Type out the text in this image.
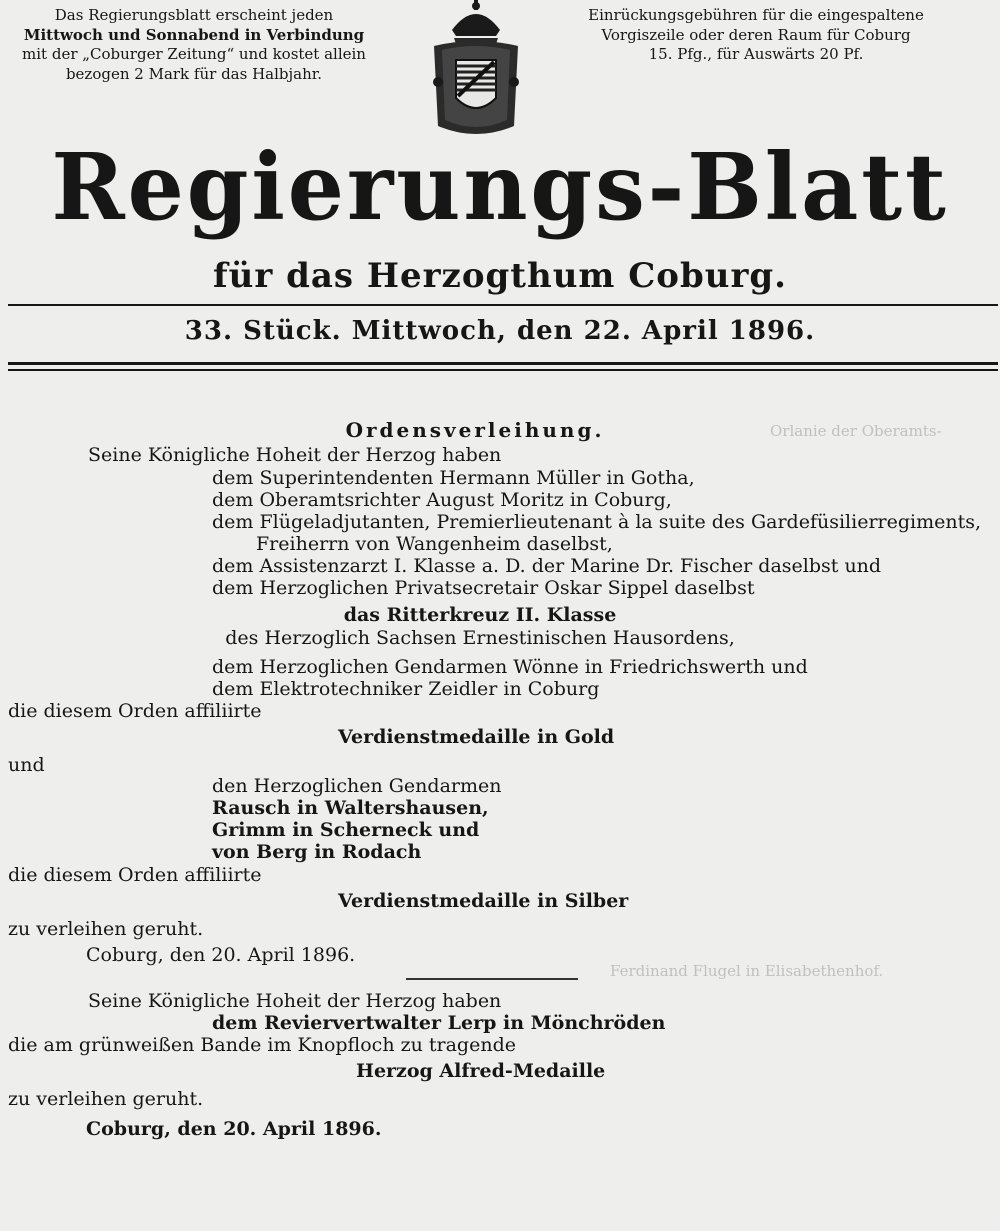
Das Regierungsblatt erscheint jeden

Mittwoch und Sonnabend in Verbindung

mit der „Coburger Zeitung“ und kostet allein

bezogen 2 Mark für das Halbjahr.

Einrückungsgebühren für die eingespaltene

Vorgiszeile oder deren Raum für Coburg

15. Pfg., für Auswärts 20 Pf.

Regierungs-Blatt
für das Herzogthum Coburg.
33. Stück. Mittwoch, den 22. April 1896.
Orlanie der Oberamts-
Ferdinand Flugel in Elisabethenhof.
Ordensverleihung.
Seine Königliche Hoheit der Herzog haben
dem Superintendenten Hermann Müller in Gotha,
dem Oberamtsrichter August Moritz in Coburg,
dem Flügeladjutanten, Premierlieutenant à la suite des Gardefüsilierregiments,
Freiherrn von Wangenheim daselbst,
dem Assistenzarzt I. Klasse a. D. der Marine Dr. Fischer daselbst und
dem Herzoglichen Privatsecretair Oskar Sippel daselbst
das Ritterkreuz II. Klasse
des Herzoglich Sachsen Ernestinischen Hausordens,
dem Herzoglichen Gendarmen Wönne in Friedrichswerth und
dem Elektrotechniker Zeidler in Coburg
die diesem Orden affiliirte
Verdienstmedaille in Gold
und
den Herzoglichen Gendarmen
Rausch in Waltershausen,
Grimm in Scherneck und
von Berg in Rodach
die diesem Orden affiliirte
Verdienstmedaille in Silber
zu verleihen geruht.
Coburg, den 20. April 1896.
Seine Königliche Hoheit der Herzog haben
dem Reviervertwalter Lerp in Mönchröden
die am grünweißen Bande im Knopfloch zu tragende
Herzog Alfred-Medaille
zu verleihen geruht.
Coburg, den 20. April 1896.
